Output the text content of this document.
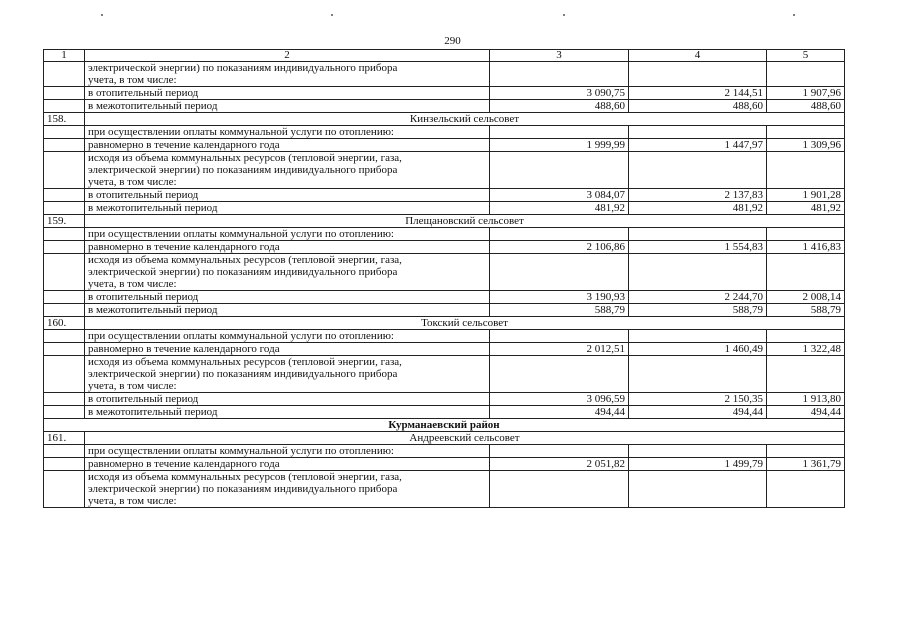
290
1	2	3	4	5

	электрической энергии) по показаниям индивидуального прибора
учета, в том числе:			

	в отопительный период	3 090,75	2 144,51	1 907,96
	в межотопительный период	488,60	488,60	488,60
158.	Кинзельский сельсовет			

	при осуществлении оплаты коммунальной услуги по отоплению:			

	равномерно в течение календарного года	1 999,99	1 447,97	1 309,96

	исходя из объема коммунальных ресурсов (тепловой энергии, газа,
электрической энергии) по показаниям индивидуального прибора
учета, в том числе:			

	в отопительный период	3 084,07	2 137,83	1 901,28
	в межотопительный период	481,92	481,92	481,92
159.	Плещановский сельсовет			

	при осуществлении оплаты коммунальной услуги по отоплению:			

	равномерно в течение календарного года	2 106,86	1 554,83	1 416,83

	исходя из объема коммунальных ресурсов (тепловой энергии, газа,
электрической энергии) по показаниям индивидуального прибора
учета, в том числе:			

	в отопительный период	3 190,93	2 244,70	2 008,14
	в межотопительный период	588,79	588,79	588,79
160.	Токский сельсовет			

	при осуществлении оплаты коммунальной услуги по отоплению:			

	равномерно в течение календарного года	2 012,51	1 460,49	1 322,48

	исходя из объема коммунальных ресурсов (тепловой энергии, газа,
электрической энергии) по показаниям индивидуального прибора
учета, в том числе:			

	в отопительный период	3 096,59	2 150,35	1 913,80
	в межотопительный период	494,44	494,44	494,44
Курманаевский район				
161.	Андреевский сельсовет			

	при осуществлении оплаты коммунальной услуги по отоплению:			

	равномерно в течение календарного года	2 051,82	1 499,79	1 361,79

	исходя из объема коммунальных ресурсов (тепловой энергии, газа,
электрической энергии) по показаниям индивидуального прибора
учета, в том числе:			
